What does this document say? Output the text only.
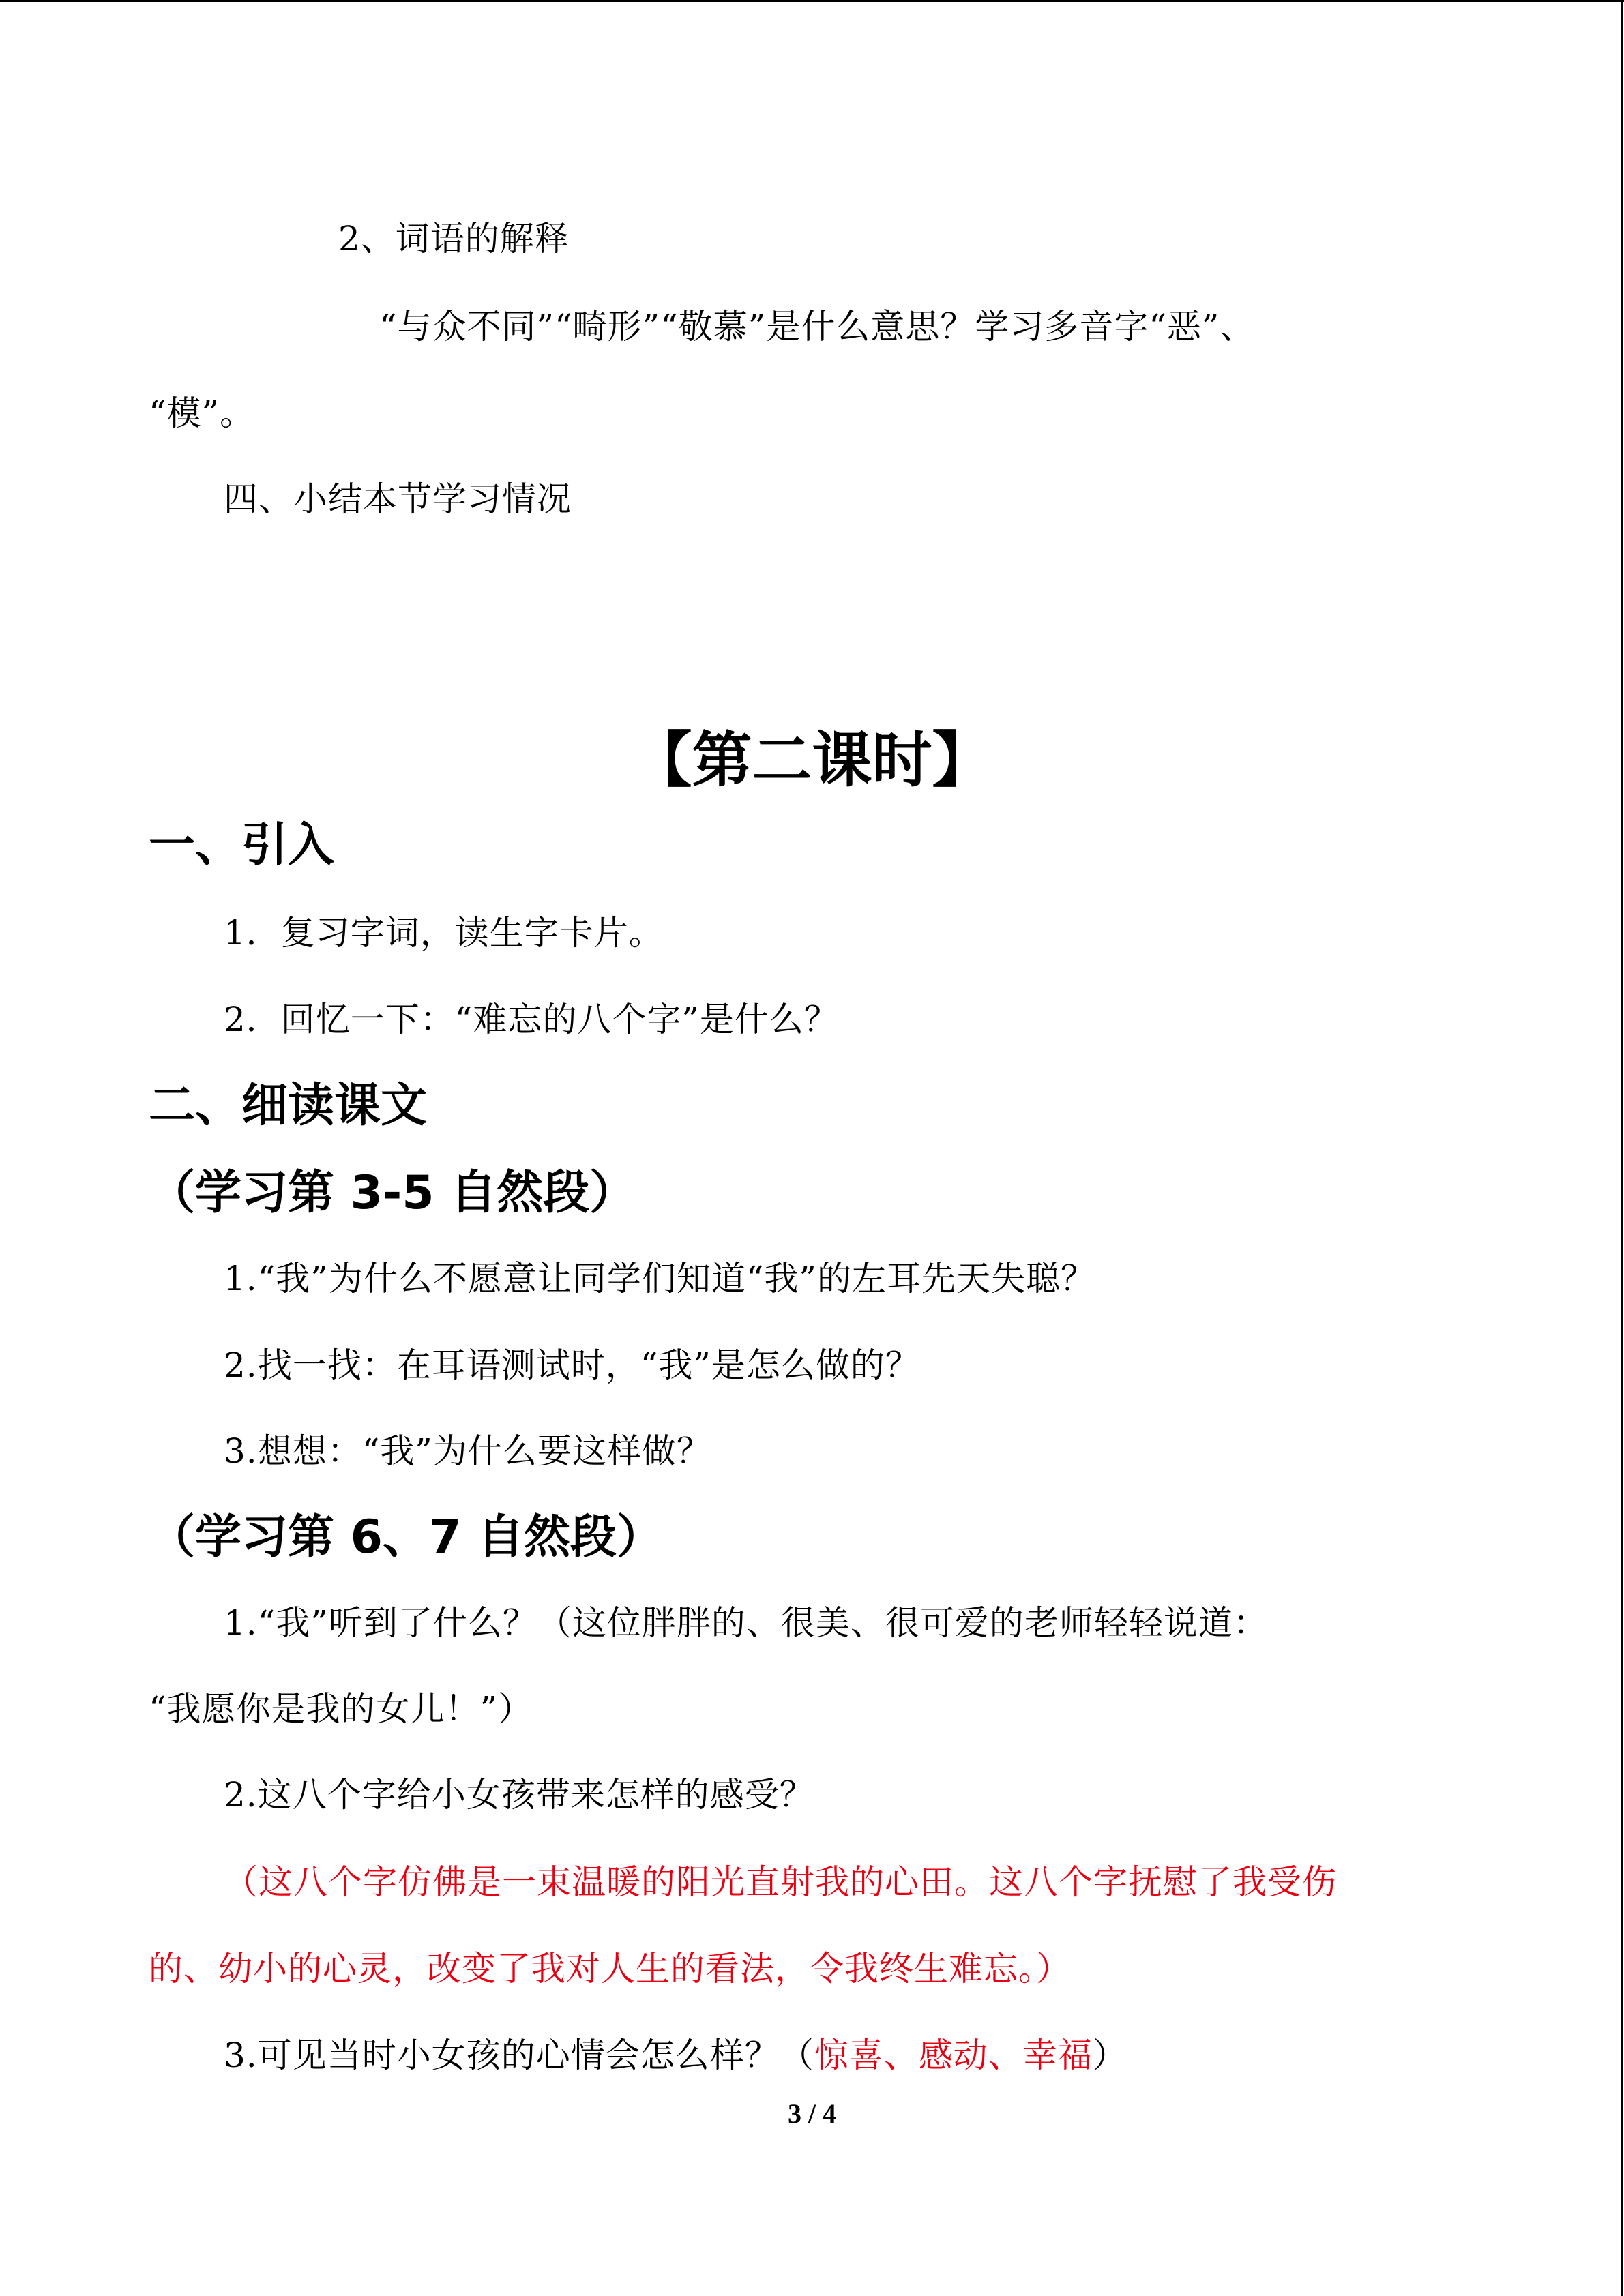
2、词语的解释
“与众不同”“畸形”“敬慕”是什么意思？学习多音字“恶”、
“模”。
四、小结本节学习情况
【第二课时】
一、引入
1．复习字词，读生字卡片。
2．回忆一下：“难忘的八个字”是什么？
二、细读课文
（学习第 3-5 自然段）
1.“我”为什么不愿意让同学们知道“我”的左耳先天失聪？
2.找一找：在耳语测试时，“我”是怎么做的？
3.想想：“我”为什么要这样做？
（学习第 6、7 自然段）
1.“我”听到了什么？（这位胖胖的、很美、很可爱的老师轻轻说道：
“我愿你是我的女儿！”）
2.这八个字给小女孩带来怎样的感受？
（这八个字仿佛是一束温暖的阳光直射我的心田。这八个字抚慰了我受伤
的、幼小的心灵，改变了我对人生的看法，令我终生难忘。）
3.可见当时小女孩的心情会怎么样？（惊喜、感动、幸福）
3 / 4
